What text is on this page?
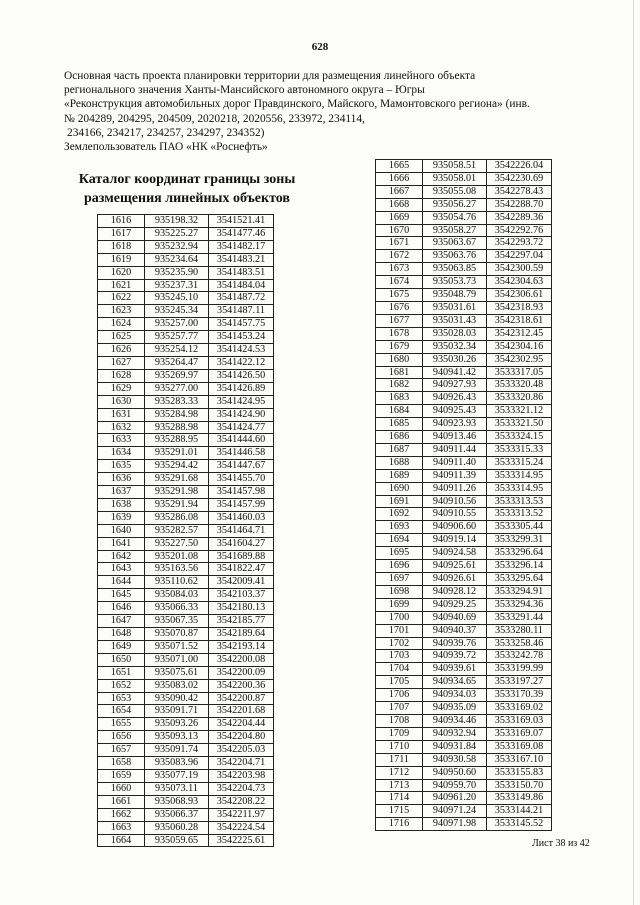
628
Основная часть проекта планировки территории для размещения линейного объекта
регионального значения Ханты-Мансийского автономного округа – Югры
«Реконструкция автомобильных дорог Правдинского, Майского, Мамонтовского региона» (инв.
№ 204289, 204295, 204509, 2020218, 2020556, 233972, 234114,
234166, 234217, 234257, 234297, 234352)
Землепользователь ПАО «НК «Роснефть»
Каталог координат границы зоны
размещения линейных объектов
1616	935198.32	3541521.41
1617	935225.27	3541477.46
1618	935232.94	3541482.17
1619	935234.64	3541483.21
1620	935235.90	3541483.51
1621	935237.31	3541484.04
1622	935245.10	3541487.72
1623	935245.34	3541487.11
1624	935257.00	3541457.75
1625	935257.77	3541453.24
1626	935254.12	3541424.53
1627	935264.47	3541422.12
1628	935269.97	3541426.50
1629	935277.00	3541426.89
1630	935283.33	3541424.95
1631	935284.98	3541424.90
1632	935288.98	3541424.77
1633	935288.95	3541444.60
1634	935291.01	3541446.58
1635	935294.42	3541447.67
1636	935291.68	3541455.70
1637	935291.98	3541457.98
1638	935291.94	3541457.99
1639	935286.08	3541460.03
1640	935282.57	3541464.71
1641	935227.50	3541604.27
1642	935201.08	3541689.88
1643	935163.56	3541822.47
1644	935110.62	3542009.41
1645	935084.03	3542103.37
1646	935066.33	3542180.13
1647	935067.35	3542185.77
1648	935070.87	3542189.64
1649	935071.52	3542193.14
1650	935071.00	3542200.08
1651	935075.61	3542200.09
1652	935083.02	3542200.36
1653	935090.42	3542200.87
1654	935091.71	3542201.68
1655	935093.26	3542204.44
1656	935093.13	3542204.80
1657	935091.74	3542205.03
1658	935083.96	3542204.71
1659	935077.19	3542203.98
1660	935073.11	3542204.73
1661	935068.93	3542208.22
1662	935066.37	3542211.97
1663	935060.28	3542224.54
1664	935059.65	3542225.61
1665	935058.51	3542226.04
1666	935058.01	3542230.69
1667	935055.08	3542278.43
1668	935056.27	3542288.70
1669	935054.76	3542289.36
1670	935058.27	3542292.76
1671	935063.67	3542293.72
1672	935063.76	3542297.04
1673	935063.85	3542300.59
1674	935053.73	3542304.63
1675	935048.79	3542306.61
1676	935031.61	3542318.93
1677	935031.43	3542318.61
1678	935028.03	3542312.45
1679	935032.34	3542304.16
1680	935030.26	3542302.95
1681	940941.42	3533317.05
1682	940927.93	3533320.48
1683	940926.43	3533320.86
1684	940925.43	3533321.12
1685	940923.93	3533321.50
1686	940913.46	3533324.15
1687	940911.44	3533315.33
1688	940911.40	3533315.24
1689	940911.39	3533314.95
1690	940911.26	3533314.95
1691	940910.56	3533313.53
1692	940910.55	3533313.52
1693	940906.60	3533305.44
1694	940919.14	3533299.31
1695	940924.58	3533296.64
1696	940925.61	3533296.14
1697	940926.61	3533295.64
1698	940928.12	3533294.91
1699	940929.25	3533294.36
1700	940940.69	3533291.44
1701	940940.37	3533280.11
1702	940939.76	3533258.46
1703	940939.72	3533242.78
1704	940939.61	3533199.99
1705	940934.65	3533197.27
1706	940934.03	3533170.39
1707	940935.09	3533169.02
1708	940934.46	3533169.03
1709	940932.94	3533169.07
1710	940931.84	3533169.08
1711	940930.58	3533167.10
1712	940950.60	3533155.83
1713	940959.70	3533150.70
1714	940961.20	3533149.86
1715	940971.24	3533144.21
1716	940971.98	3533145.52
Лист 38 из 42
